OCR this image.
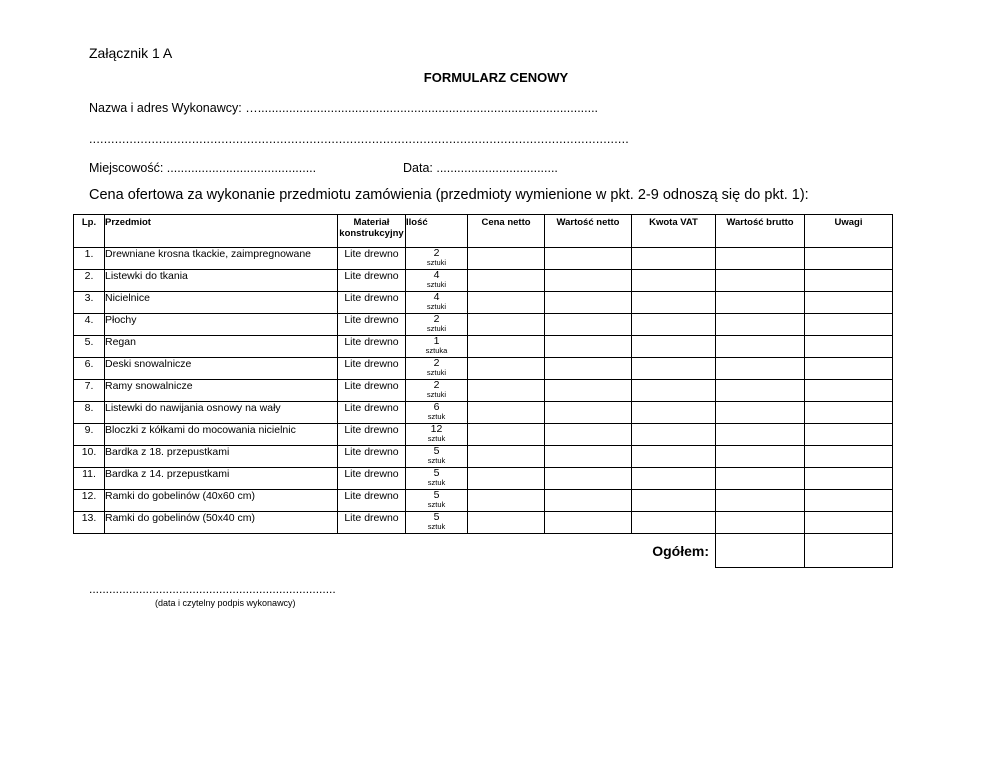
Załącznik 1 A
FORMULARZ CENOWY
Nazwa i adres Wykonawcy: …..................................................................................................
...................................................................................................................................................
Miejscowość: ...........................................	Data: ...................................
Cena ofertowa za wykonanie przedmiotu zamówienia (przedmioty wymienione w pkt. 2-9 odnoszą się do pkt. 1):
Lp.	Przedmiot	Materiał konstrukcyjny	Ilość	Cena netto	Wartość netto	Kwota VAT	Wartość brutto	Uwagi
1.	Drewniane krosna tkackie, zaimpregnowane	Lite drewno	2
sztuki					

2.	Listewki do tkania	Lite drewno	4
sztuki					

3.	Nicielnice	Lite drewno	4
sztuki					

4.	Płochy	Lite drewno	2
sztuki					

5.	Regan	Lite drewno	1
sztuka					

6.	Deski snowalnicze	Lite drewno	2
sztuki					

7.	Ramy snowalnicze	Lite drewno	2
sztuki					

8.	Listewki do nawijania osnowy na wały	Lite drewno	6
sztuk					

9.	Bloczki z kółkami do mocowania nicielnic	Lite drewno	12
sztuk					

10.	Bardka z 18. przepustkami	Lite drewno	5
sztuk					

11.	Bardka z 14. przepustkami	Lite drewno	5
sztuk					

12.	Ramki do gobelinów (40x60 cm)	Lite drewno	5
sztuk					

13.	Ramki do gobelinów (50x40 cm)	Lite drewno	5
sztuk					

Ogółem:								
..........................................................................
(data i czytelny podpis wykonawcy)
